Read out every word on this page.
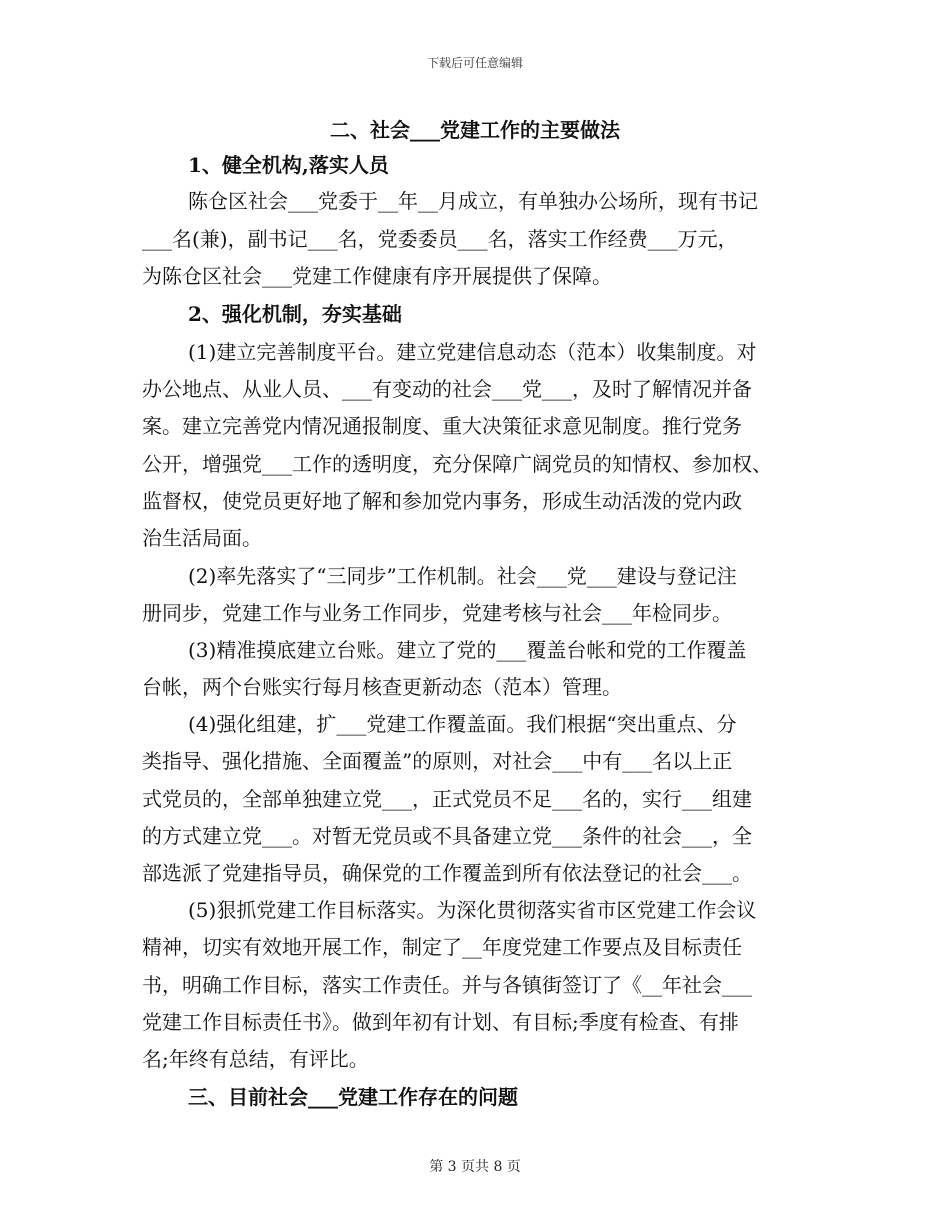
下载后可任意编辑
二、社会___党建工作的主要做法
1、健全机构,落实人员
陈仓区社会___党委于__年__月成立，有单独办公场所，现有书记
___名(兼)，副书记___名，党委委员___名，落实工作经费___万元，
为陈仓区社会___党建工作健康有序开展提供了保障。
2、强化机制，夯实基础
(1)建立完善制度平台。建立党建信息动态（范本）收集制度。对
办公地点、从业人员、___有变动的社会___党___，及时了解情况并备
案。建立完善党内情况通报制度、重大决策征求意见制度。推行党务
公开，增强党___工作的透明度，充分保障广阔党员的知情权、参加权、
监督权，使党员更好地了解和参加党内事务，形成生动活泼的党内政
治生活局面。
(2)率先落实了“三同步”工作机制。社会___党___建设与登记注
册同步，党建工作与业务工作同步，党建考核与社会___年检同步。
(3)精准摸底建立台账。建立了党的___覆盖台帐和党的工作覆盖
台帐，两个台账实行每月核查更新动态（范本）管理。
(4)强化组建，扩___党建工作覆盖面。我们根据“突出重点、分
类指导、强化措施、全面覆盖”的原则，对社会___中有___名以上正
式党员的，全部单独建立党___，正式党员不足___名的，实行___组建
的方式建立党___。对暂无党员或不具备建立党___条件的社会___，全
部选派了党建指导员，确保党的工作覆盖到所有依法登记的社会___。
(5)狠抓党建工作目标落实。为深化贯彻落实省市区党建工作会议
精神，切实有效地开展工作，制定了__年度党建工作要点及目标责任
书，明确工作目标，落实工作责任。并与各镇街签订了《__年社会___
党建工作目标责任书》。做到年初有计划、有目标;季度有检查、有排
名;年终有总结，有评比。
三、目前社会___党建工作存在的问题
第 3 页共 8 页
